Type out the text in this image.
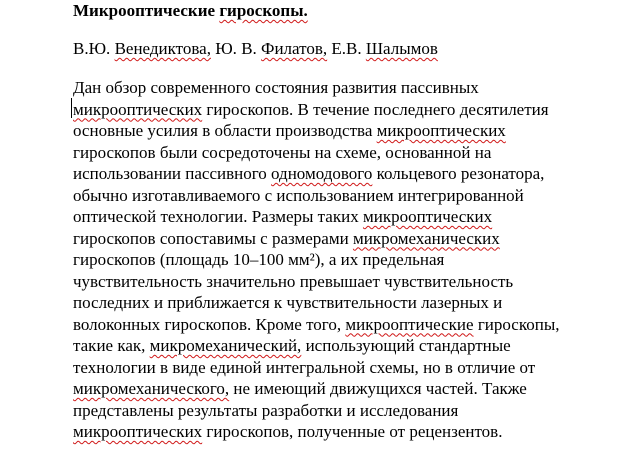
Микрооптические гироскопы.
В.Ю. Венедиктова, Ю. В. Филатов, Е.В. Шалымов
Дан обзор современного состояния развития пассивных
микрооптических гироскопов. В течение последнего десятилетия
основные усилия в области производства микрооптических
гироскопов были сосредоточены на схеме, основанной на
использовании пассивного одномодового кольцевого резонатора,
обычно изготавливаемого с использованием интегрированной
оптической технологии. Размеры таких микрооптических
гироскопов сопоставимы с размерами микромеханических
гироскопов (площадь 10–100 мм²), а их предельная
чувствительность значительно превышает чувствительность
последних и приближается к чувствительности лазерных и
волоконных гироскопов. Кроме того, микрооптические гироскопы,
такие как, микромеханический, использующий стандартные
технологии в виде единой интегральной схемы, но в отличие от
микромеханического, не имеющий движущихся частей. Также
представлены результаты разработки и исследования
микрооптических гироскопов, полученные от рецензентов.
